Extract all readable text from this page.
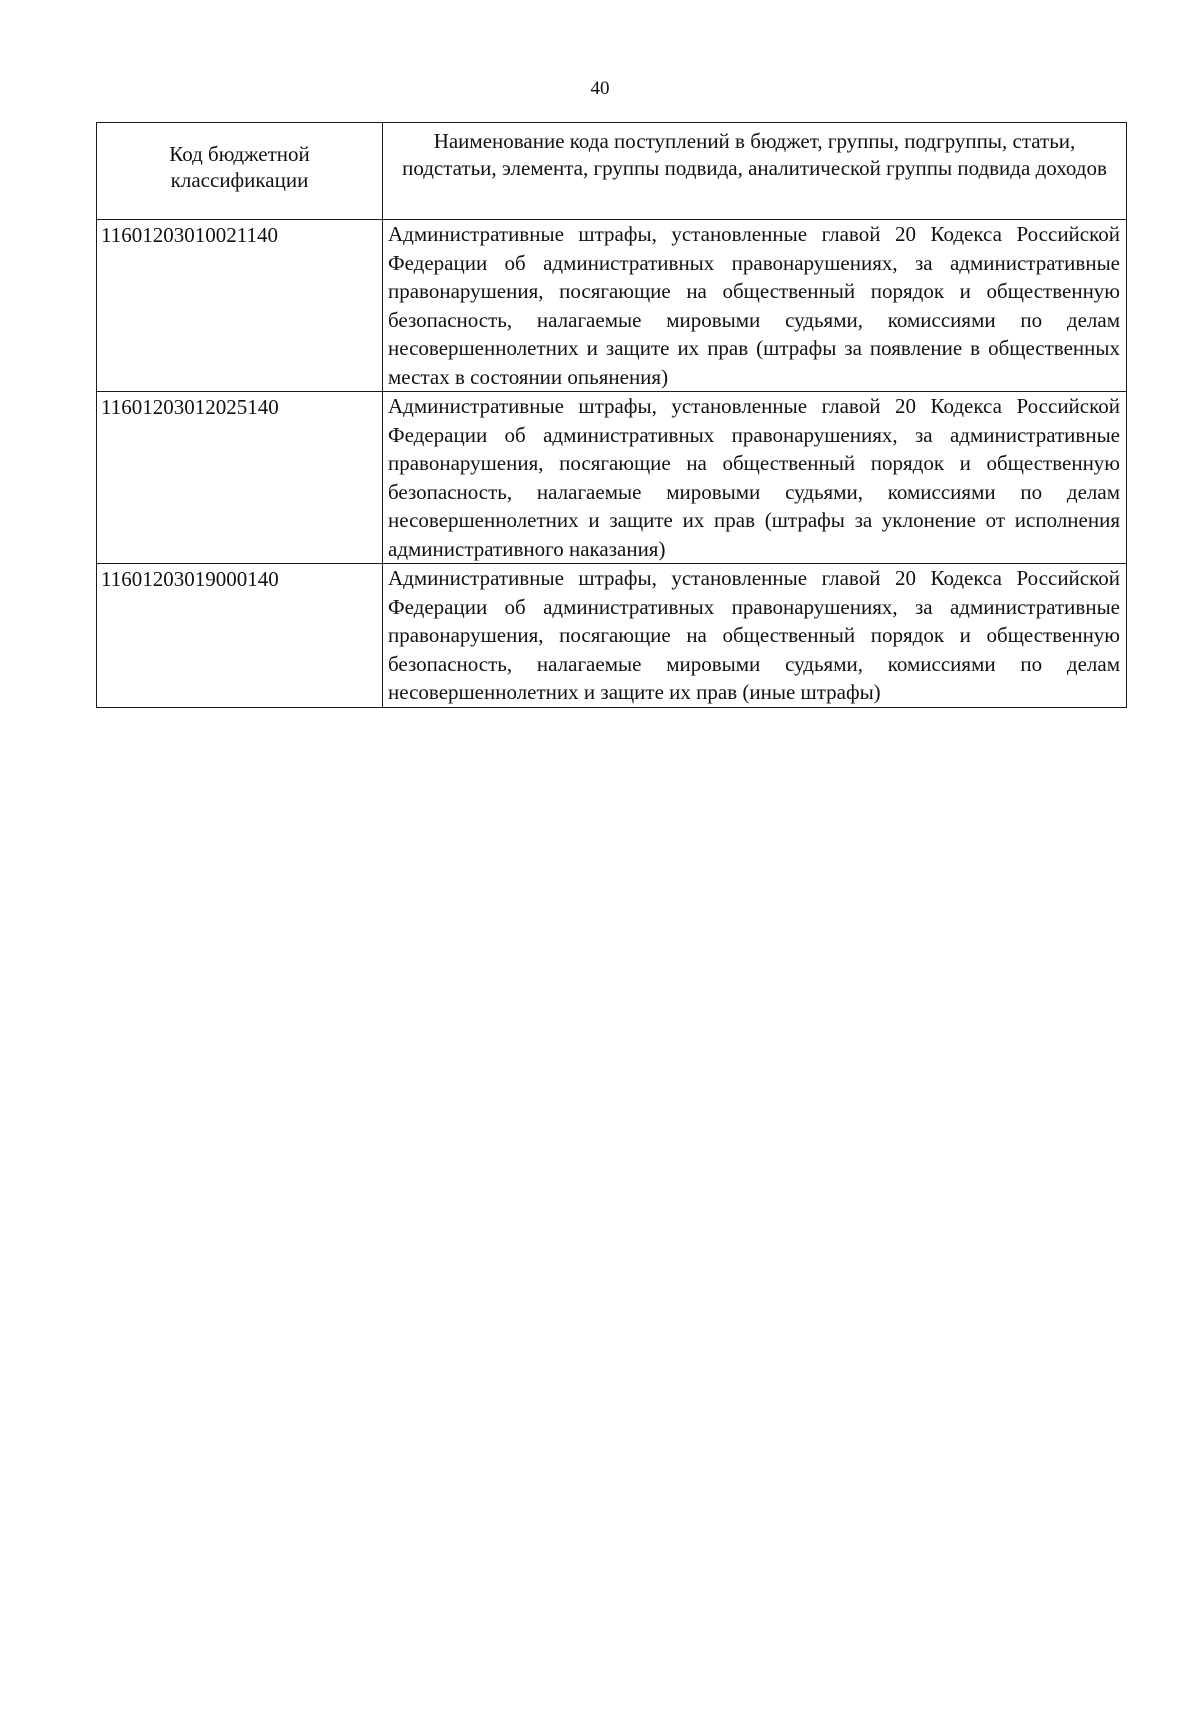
40
Код бюджетной классификации	Наименование кода поступлений в бюджет, группы, подгруппы, статьи, подстатьи, элемента, группы подвида, аналитической группы подвида доходов
11601203010021140	Административные штрафы, установленные главой 20 Кодекса Российской Федерации об административных правонарушениях, за административные правонарушения, посягающие на общественный порядок и общественную безопасность, налагаемые мировыми судьями, комиссиями по делам несовершеннолетних и защите их прав (штрафы за появление в общественных местах в состоянии опьянения)
11601203012025140	Административные штрафы, установленные главой 20 Кодекса Российской Федерации об административных правонарушениях, за административные правонарушения, посягающие на общественный порядок и общественную безопасность, налагаемые мировыми судьями, комиссиями по делам несовершеннолетних и защите их прав (штрафы за уклонение от исполнения административного наказания)
11601203019000140	Административные штрафы, установленные главой 20 Кодекса Российской Федерации об административных правонарушениях, за административные правонарушения, посягающие на общественный порядок и общественную безопасность, налагаемые мировыми судьями, комиссиями по делам несовершеннолетних и защите их прав (иные штрафы)
